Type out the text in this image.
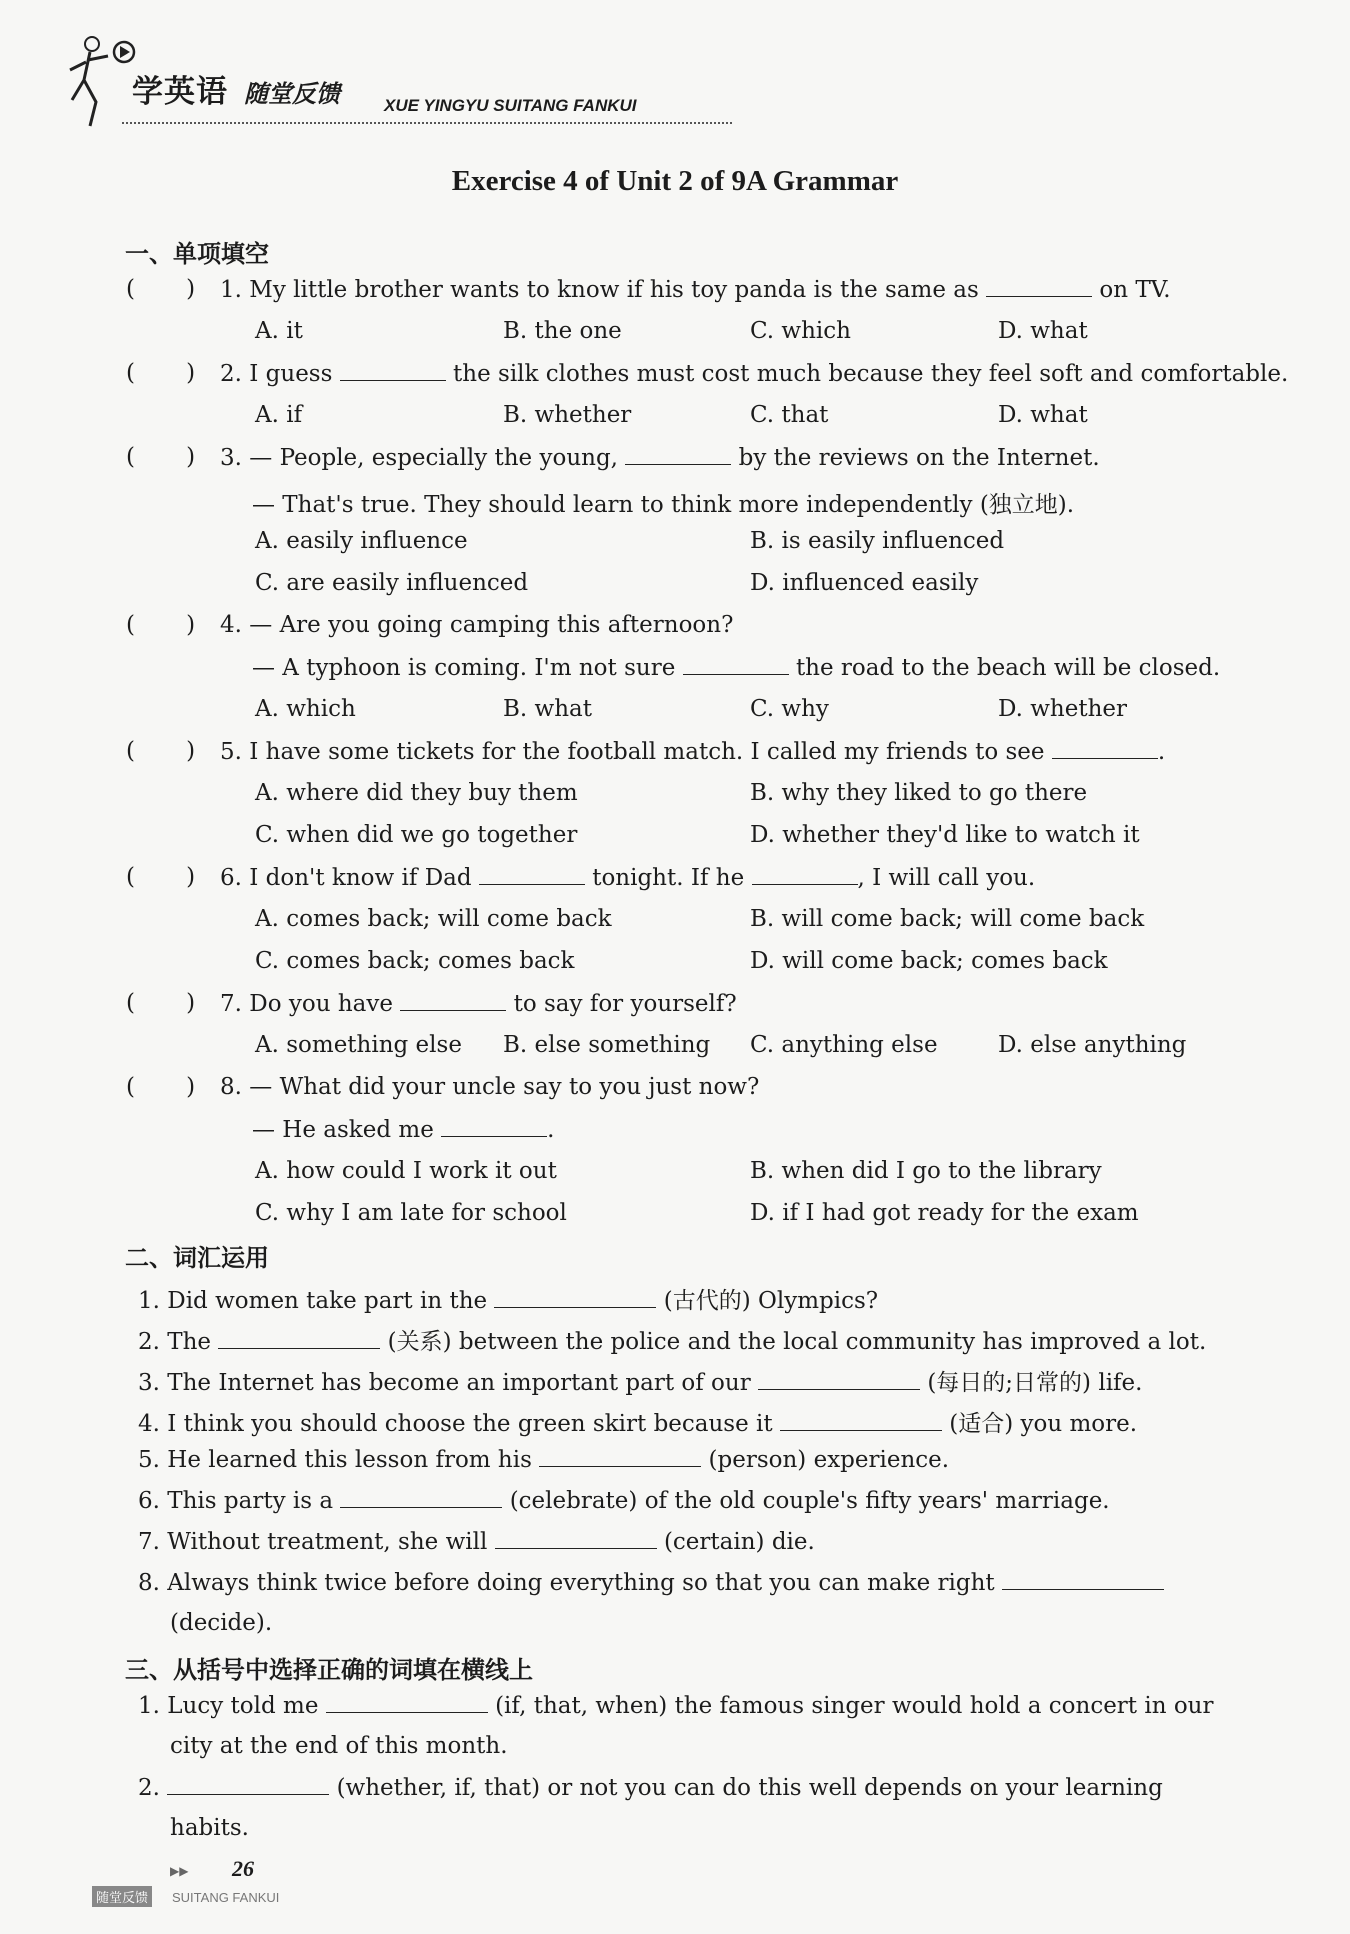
学英语 随堂反馈	XUE YINGYU SUITANG FANKUI
Exercise 4 of Unit 2 of 9A Grammar
一、单项填空
(       ) 1. My little brother wants to know if his toy panda is the same as	on TV.
A. it	B. the one	C. which	D. what
(       ) 2. I guess	the silk clothes must cost much because they feel soft and comfortable.
A. if	B. whether	C. that	D. what
(       ) 3. — People, especially the young,	by the reviews on the Internet.
— That's true. They should learn to think more independently (独立地).
A. easily influence	B. is easily influenced
C. are easily influenced	D. influenced easily
(       ) 4. — Are you going camping this afternoon?
— A typhoon is coming. I'm not sure	the road to the beach will be closed.
A. which	B. what	C. why	D. whether
(       ) 5. I have some tickets for the football match. I called my friends to see	.
A. where did they buy them	B. why they liked to go there
C. when did we go together	D. whether they'd like to watch it
(       ) 6. I don't know if Dad	tonight. If he	, I will call you.
A. comes back; will come back	B. will come back; will come back
C. comes back; comes back	D. will come back; comes back
(       ) 7. Do you have	to say for yourself?
A. something else B. else something C. anything else	D. else anything
(       ) 8. — What did your uncle say to you just now?
— He asked me	.
A. how could I work it out	B. when did I go to the library
C. why I am late for school	D. if I had got ready for the exam
二、词汇运用
1. Did women take part in the	(古代的) Olympics?
2. The	(关系) between the police and the local community has improved a lot.
3. The Internet has become an important part of our	(每日的;日常的) life.
4. I think you should choose the green skirt because it	(适合) you more.
5. He learned this lesson from his	(person) experience.
6. This party is a	(celebrate) of the old couple's fifty years' marriage.
7. Without treatment, she will	(certain) die.
8. Always think twice before doing everything so that you can make right
(decide).
三、从括号中选择正确的词填在横线上
1. Lucy told me	(if, that, when) the famous singer would hold a concert in our
city at the end of this month.
2.	(whether, if, that) or not you can do this well depends on your learning
habits.
▶▶ 26
随堂反馈	SUITANG FANKUI
